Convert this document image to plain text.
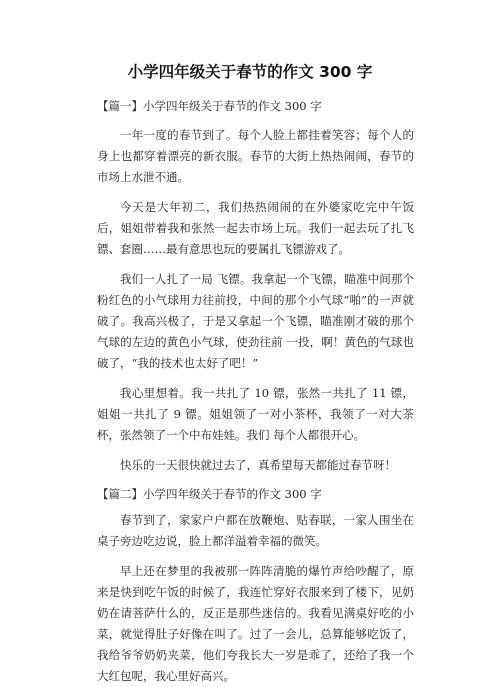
小学四年级关于春节的作文 300 字

【篇一】小学四年级关于春节的作文 300 字

一年一度的春节到了。每个人脸上都挂着笑容；每个人的身上也都穿着漂亮的新衣服。春节的大街上热热闹闹，春节的市场上水泄不通。

今天是大年初二，我们热热闹闹的在外婆家吃完中午饭后，姐姐带着我和张然一起去市场上玩。我们一起去玩了扎飞镖、套圈……最有意思也玩的要属扎飞镖游戏了。

我们一人扎了一局 飞镖。我拿起一个飞镖，瞄准中间那个粉红色的小气球用力往前投，中间的那个小气球“啪”的一声就破了。我高兴极了，于是又拿起一个飞镖，瞄准刚才破的那个气球的左边的黄色小气球，使劲往前 一投，啊！黄色的气球也破了，“我的技术也太好了吧！”

我心里想着。我一共扎了 10 镖，张然一共扎了 11 镖，姐姐一共扎了 9 镖。姐姐领了一对小茶杯，我领了一对大茶杯，张然领了一个中布娃娃。我们 每个人都很开心。

快乐的一天很快就过去了，真希望每天都能过春节呀！

【篇二】小学四年级关于春节的作文 300 字

春节到了，家家户户都在放鞭炮、贴春联，一家人围坐在桌子旁边吃边说，脸上都洋溢着幸福的微笑。

早上还在梦里的我被那一阵阵清脆的爆竹声给吵醒了，原来是快到吃午饭的时候了，我连忙穿好衣服来到了楼下，见奶奶在请菩萨什么的，反正是那些迷信的。我看见满桌好吃的小菜，就觉得肚子好像在叫了。过了一会儿，总算能够吃饭了，我给爷爷奶奶夹菜，他们夸我长大一岁是乖了，还给了我一个大红包呢，我心里好高兴。
